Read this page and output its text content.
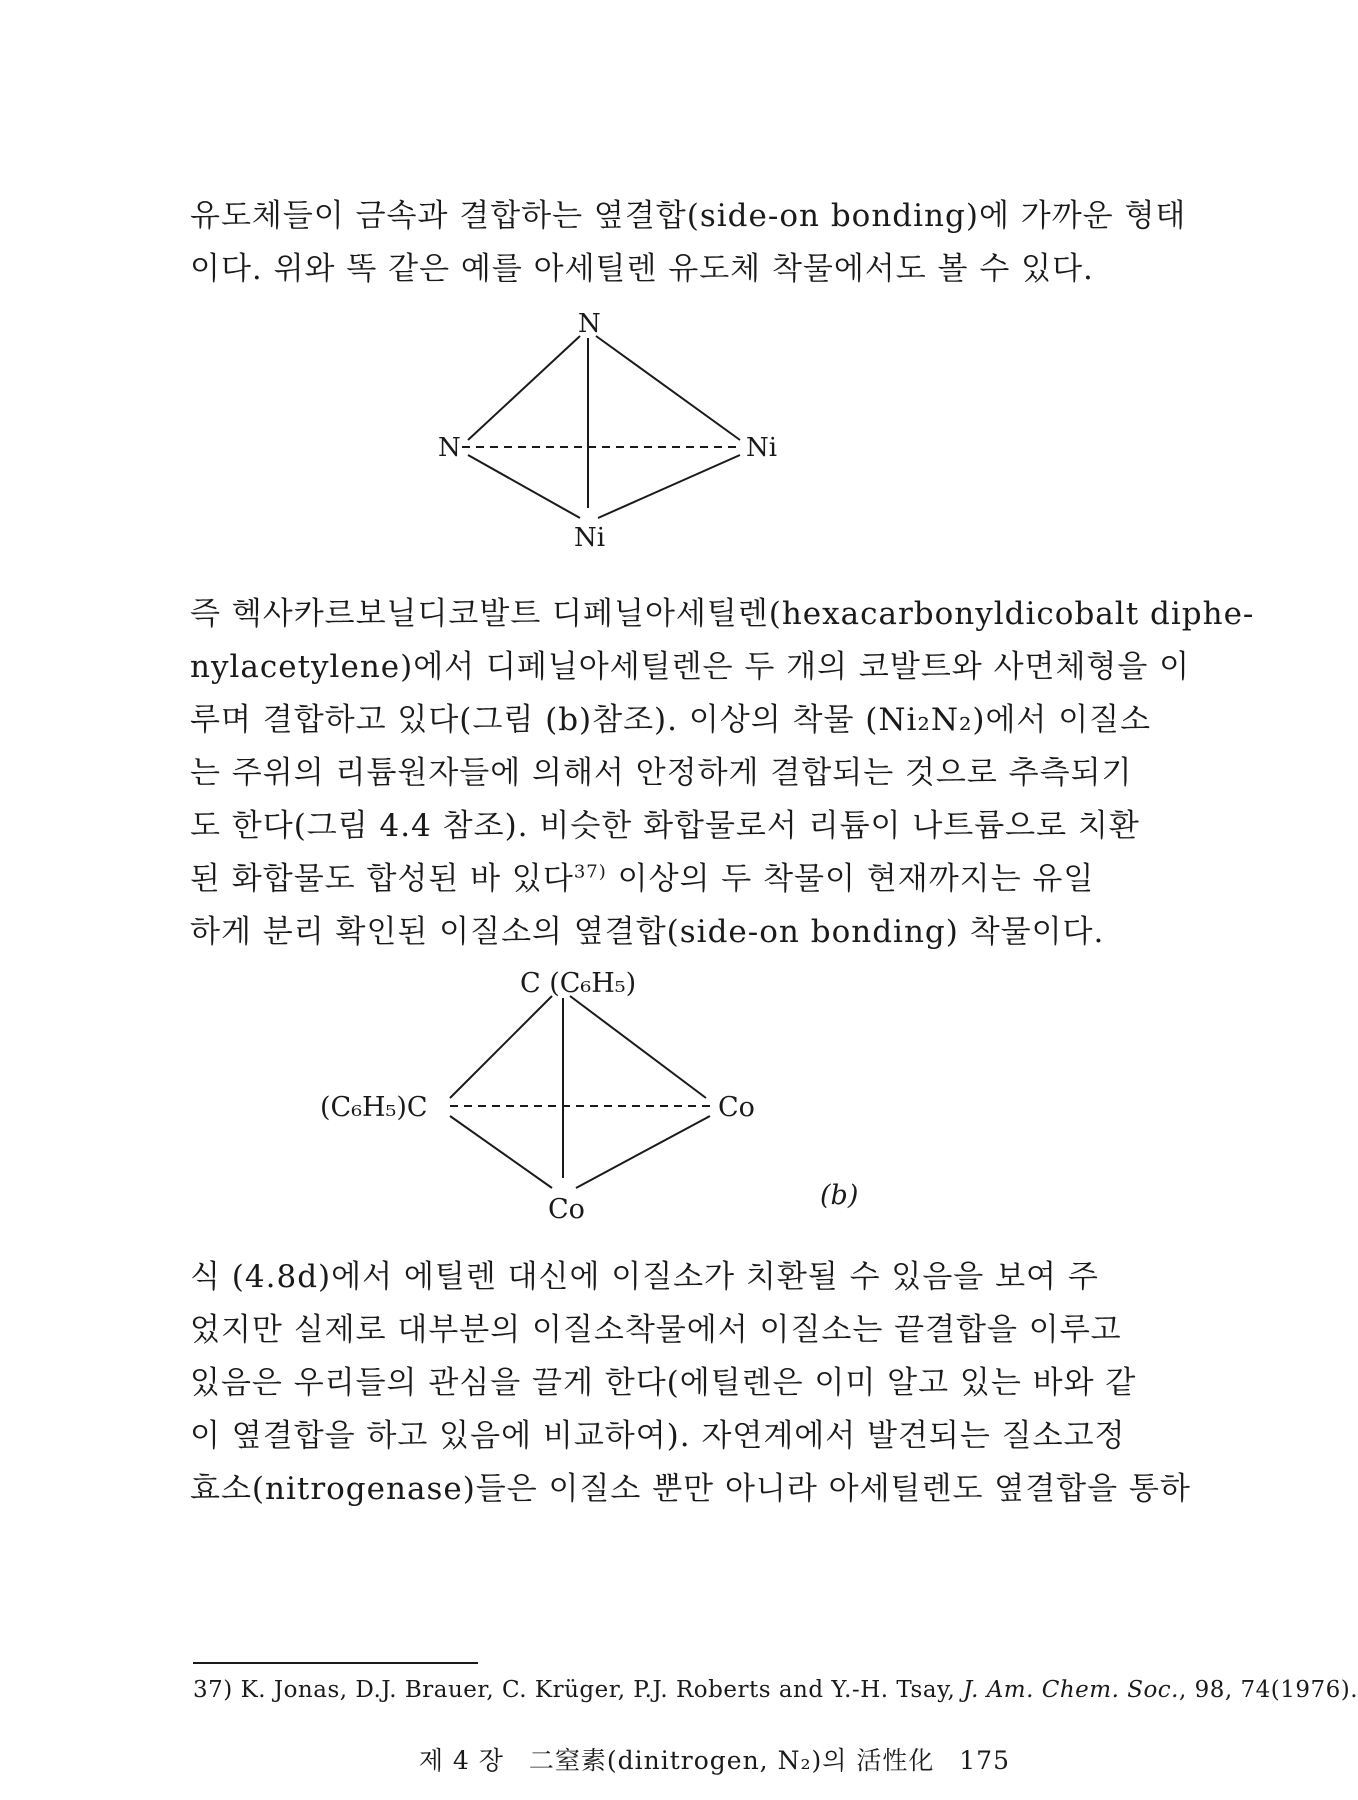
유도체들이 금속과 결합하는 옆결합(side-on bonding)에 가까운 형태
이다. 위와 똑 같은 예를 아세틸렌 유도체 착물에서도 볼 수 있다.
N
N	Ni
Ni
즉 헥사카르보닐디코발트 디페닐아세틸렌(hexacarbonyldicobalt diphe-
nylacetylene)에서 디페닐아세틸렌은 두 개의 코발트와 사면체형을 이
루며 결합하고 있다(그림 (b)참조). 이상의 착물 (Ni₂N₂)에서 이질소
는 주위의 리튬원자들에 의해서 안정하게 결합되는 것으로 추측되기
도 한다(그림 4.4 참조). 비슷한 화합물로서 리튬이 나트륨으로 치환
된 화합물도 합성된 바 있다$^{37)}$ 이상의 두 착물이 현재까지는 유일
하게 분리 확인된 이질소의 옆결합(side-on bonding) 착물이다.
C (C₆H₅)
(C₆H₅)C	Co
Co	(b)
식 (4.8d)에서 에틸렌 대신에 이질소가 치환될 수 있음을 보여 주
었지만 실제로 대부분의 이질소착물에서 이질소는 끝결합을 이루고
있음은 우리들의 관심을 끌게 한다(에틸렌은 이미 알고 있는 바와 같
이 옆결합을 하고 있음에 비교하여). 자연계에서 발견되는 질소고정
효소(nitrogenase)들은 이질소 뿐만 아니라 아세틸렌도 옆결합을 통하
37) K. Jonas, D.J. Brauer, C. Krüger, P.J. Roberts and Y.-H. Tsay, J. Am. Chem. Soc., 98, 74(1976).
제 4 장 二窒素(dinitrogen, N₂)의 活性化 175
